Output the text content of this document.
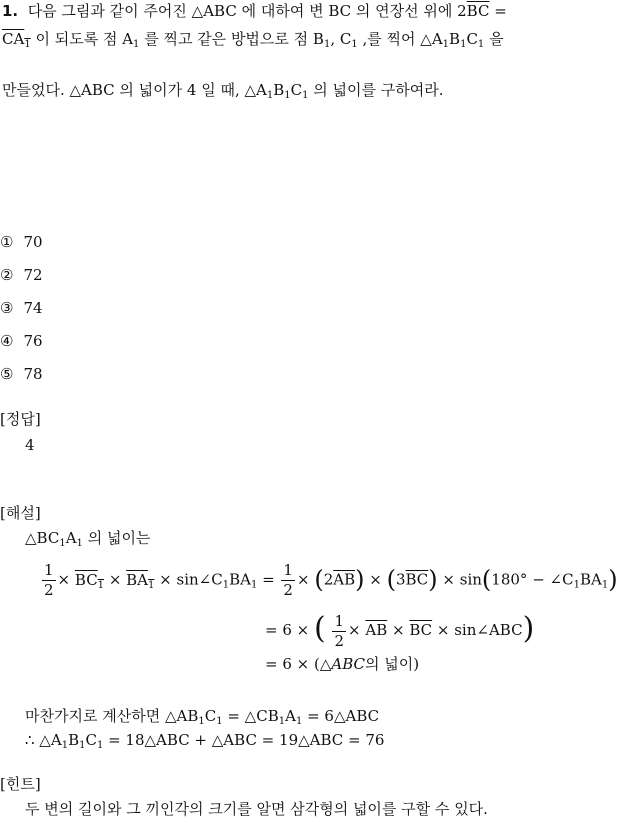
1. 다음 그림과 같이 주어진 △ABC 에 대하여 변 BC 의 연장선 위에 $2\overline{BC}$ =
$CA_1$ 이 되도록 점 $A_1$ 를 찍고 같은 방법으로 점 $B_1$, $C_1$ ,를 찍어 $\triangle A_1B_1C_1$ 을
만들었다. △ABC 의 넓이가 4 일 때, $\triangle A_1B_1C_1$ 의 넓이를 구하여라.
① 70
② 72
③ 74
④ 76
⑤ 78
[정답]
4
[해설]
$\triangle BC_1A_1$ 의 넓이는
$\frac{1}{2} \times BC_1 \times BA_1$ × $\sin\angle C_1BA_1 = \frac{1}{2} \times (2\overline{AB}) \times (3\overline{BC}) \times \sin(180^\circ$ − $\angle C_1BA_1$)
= 6 × ( $\frac{1}{2} \times \overline{AB} \times \overline{BC}$ × sin∠ABC)
= 6 × (△ABC의 넓이)
마찬가지로 계산하면 $\triangle AB_1C_1$ = $\triangle CB_1A_1$ = 6△ABC
∴ $\triangle A_1B_1C_1$ = 18△ABC + △ABC = 19△ABC = 76
[힌트]
두 변의 길이와 그 끼인각의 크기를 알면 삼각형의 넓이를 구할 수 있다.
